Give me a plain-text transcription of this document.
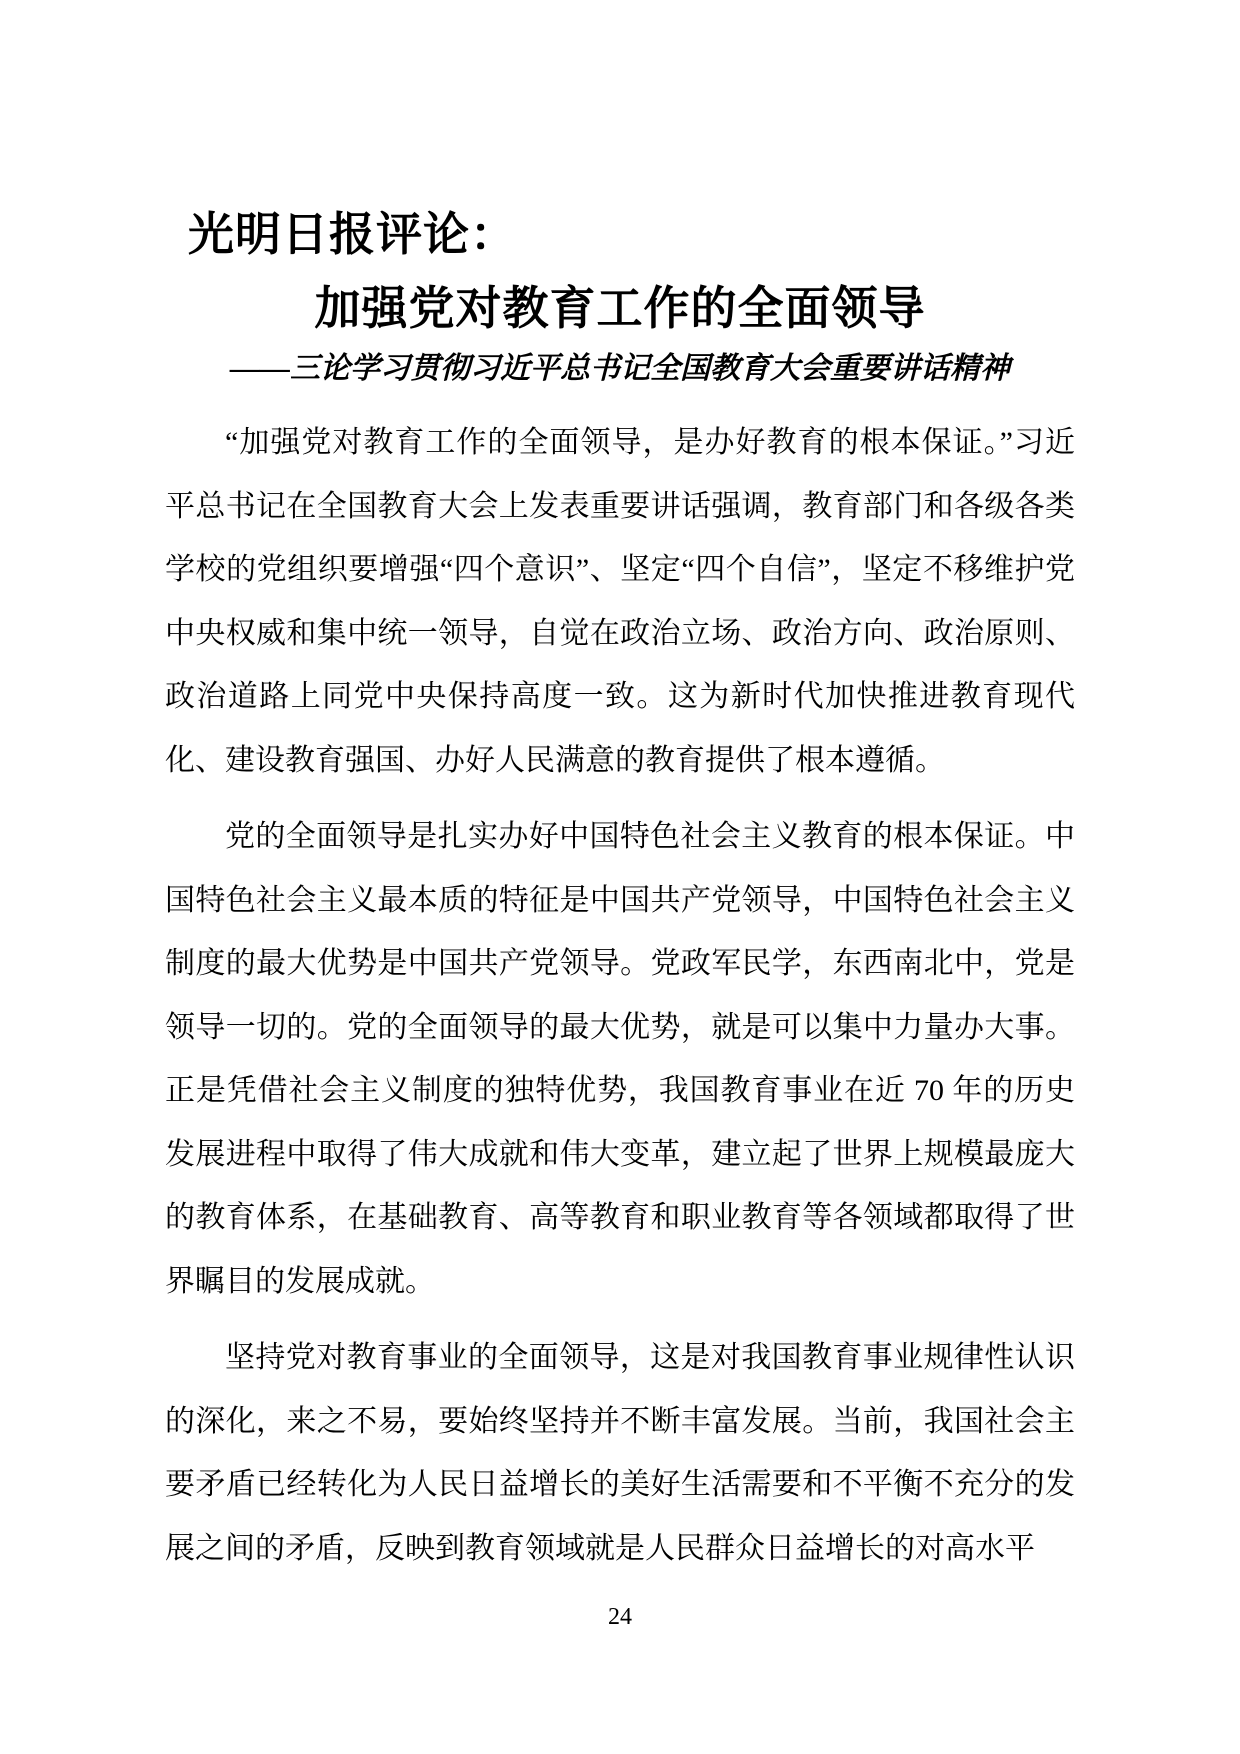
光明日报评论：
加强党对教育工作的全面领导
——三论学习贯彻习近平总书记全国教育大会重要讲话精神

“加强党对教育工作的全面领导，是办好教育的根本保证。”习近平总书记在全国教育大会上发表重要讲话强调，教育部门和各级各类学校的党组织要增强“四个意识”、坚定“四个自信”，坚定不移维护党中央权威和集中统一领导，自觉在政治立场、政治方向、政治原则、政治道路上同党中央保持高度一致。这为新时代加快推进教育现代化、建设教育强国、办好人民满意的教育提供了根本遵循。

党的全面领导是扎实办好中国特色社会主义教育的根本保证。中国特色社会主义最本质的特征是中国共产党领导，中国特色社会主义制度的最大优势是中国共产党领导。党政军民学，东西南北中，党是领导一切的。党的全面领导的最大优势，就是可以集中力量办大事。正是凭借社会主义制度的独特优势，我国教育事业在近 70 年的历史发展进程中取得了伟大成就和伟大变革，建立起了世界上规模最庞大的教育体系，在基础教育、高等教育和职业教育等各领域都取得了世界瞩目的发展成就。

坚持党对教育事业的全面领导，这是对我国教育事业规律性认识的深化，来之不易，要始终坚持并不断丰富发展。当前，我国社会主要矛盾已经转化为人民日益增长的美好生活需要和不平衡不充分的发展之间的矛盾，反映到教育领域就是人民群众日益增长的对高水平

24
